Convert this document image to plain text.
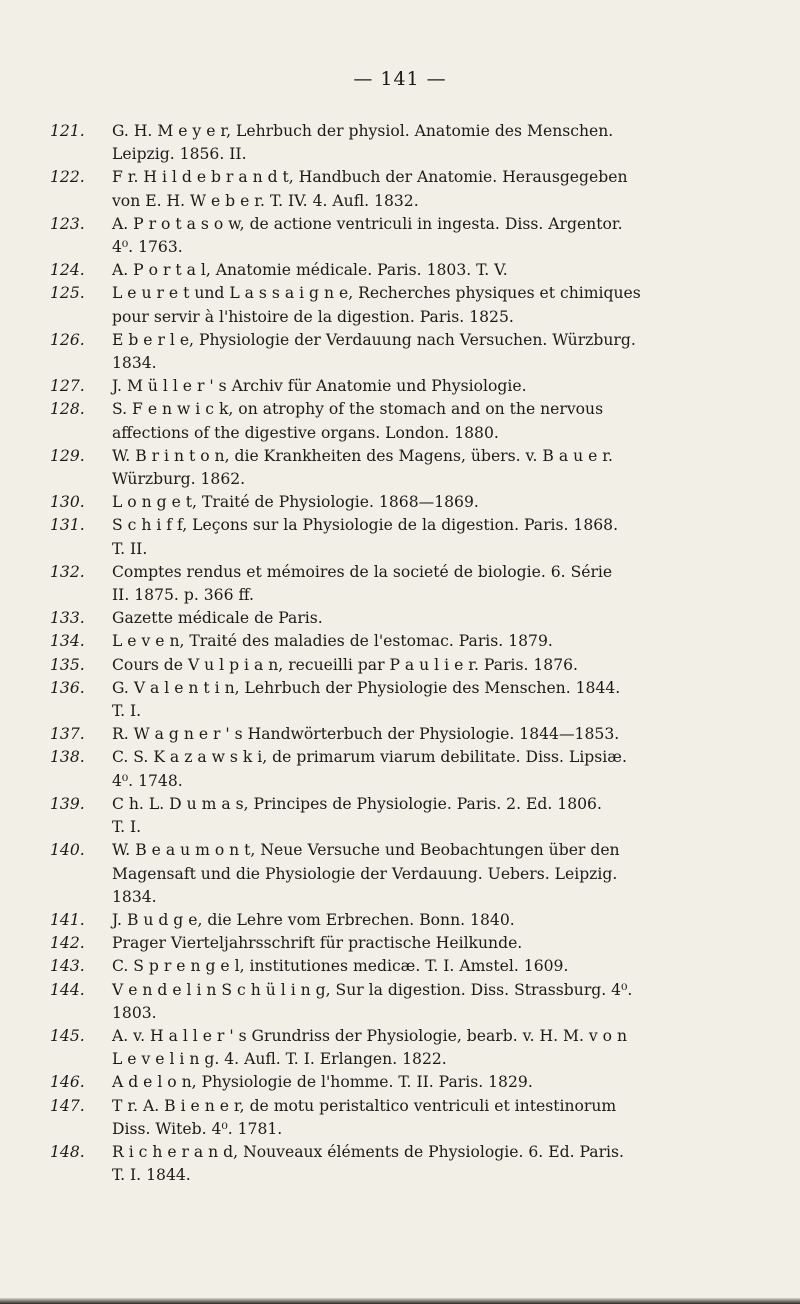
— 141 —

121.	G. H. M e y e r, Lehrbuch der physiol. Anatomie des Menschen.
Leipzig. 1856. II.

122.	F r. H i l d e b r a n d t, Handbuch der Anatomie. Herausgegeben
von E. H. W e b e r. T. IV. 4. Aufl. 1832.

123.	A. P r o t a s o w, de actione ventriculi in ingesta. Diss. Argentor.
4⁰. 1763.

124.	A. P o r t a l, Anatomie médicale. Paris. 1803. T. V.

125.	L e u r e t und L a s s a i g n e, Recherches physiques et chimiques
pour servir à l'histoire de la digestion. Paris. 1825.

126.	E b e r l e, Physiologie der Verdauung nach Versuchen. Würzburg.
1834.

127.	J. M ü l l e r ' s Archiv für Anatomie und Physiologie.

128.	S. F e n w i c k, on atrophy of the stomach and on the nervous
affections of the digestive organs. London. 1880.

129.	W. B r i n t o n, die Krankheiten des Magens, übers. v. B a u e r.
Würzburg. 1862.

130.	L o n g e t, Traité de Physiologie. 1868—1869.

131.	S c h i f f, Leçons sur la Physiologie de la digestion. Paris. 1868.
T. II.

132.	Comptes rendus et mémoires de la societé de biologie. 6. Série
II. 1875. p. 366 ff.

133.	Gazette médicale de Paris.

134.	L e v e n, Traité des maladies de l'estomac. Paris. 1879.

135.	Cours de V u l p i a n, recueilli par P a u l i e r. Paris. 1876.

136.	G. V a l e n t i n, Lehrbuch der Physiologie des Menschen. 1844.
T. I.

137.	R. W a g n e r ' s Handwörterbuch der Physiologie. 1844—1853.

138.	C. S. K a z a w s k i, de primarum viarum debilitate. Diss. Lipsiæ.
4⁰. 1748.

139.	C h. L. D u m a s, Principes de Physiologie. Paris. 2. Ed. 1806.
T. I.

140.	W. B e a u m o n t, Neue Versuche und Beobachtungen über den
Magensaft und die Physiologie der Verdauung. Uebers. Leipzig.
1834.

141.	J. B u d g e, die Lehre vom Erbrechen. Bonn. 1840.

142.	Prager Vierteljahrsschrift für practische Heilkunde.

143.	C. S p r e n g e l, institutiones medicæ. T. I. Amstel. 1609.

144.	V e n d e l i n S c h ü l i n g, Sur la digestion. Diss. Strassburg. 4⁰.
1803.

145.	A. v. H a l l e r ' s Grundriss der Physiologie, bearb. v. H. M. v o n
L e v e l i n g. 4. Aufl. T. I. Erlangen. 1822.

146.	A d e l o n, Physiologie de l'homme. T. II. Paris. 1829.

147.	T r. A. B i e n e r, de motu peristaltico ventriculi et intestinorum
Diss. Witeb. 4⁰. 1781.

148.	R i c h e r a n d, Nouveaux éléments de Physiologie. 6. Ed. Paris.
T. I. 1844.
